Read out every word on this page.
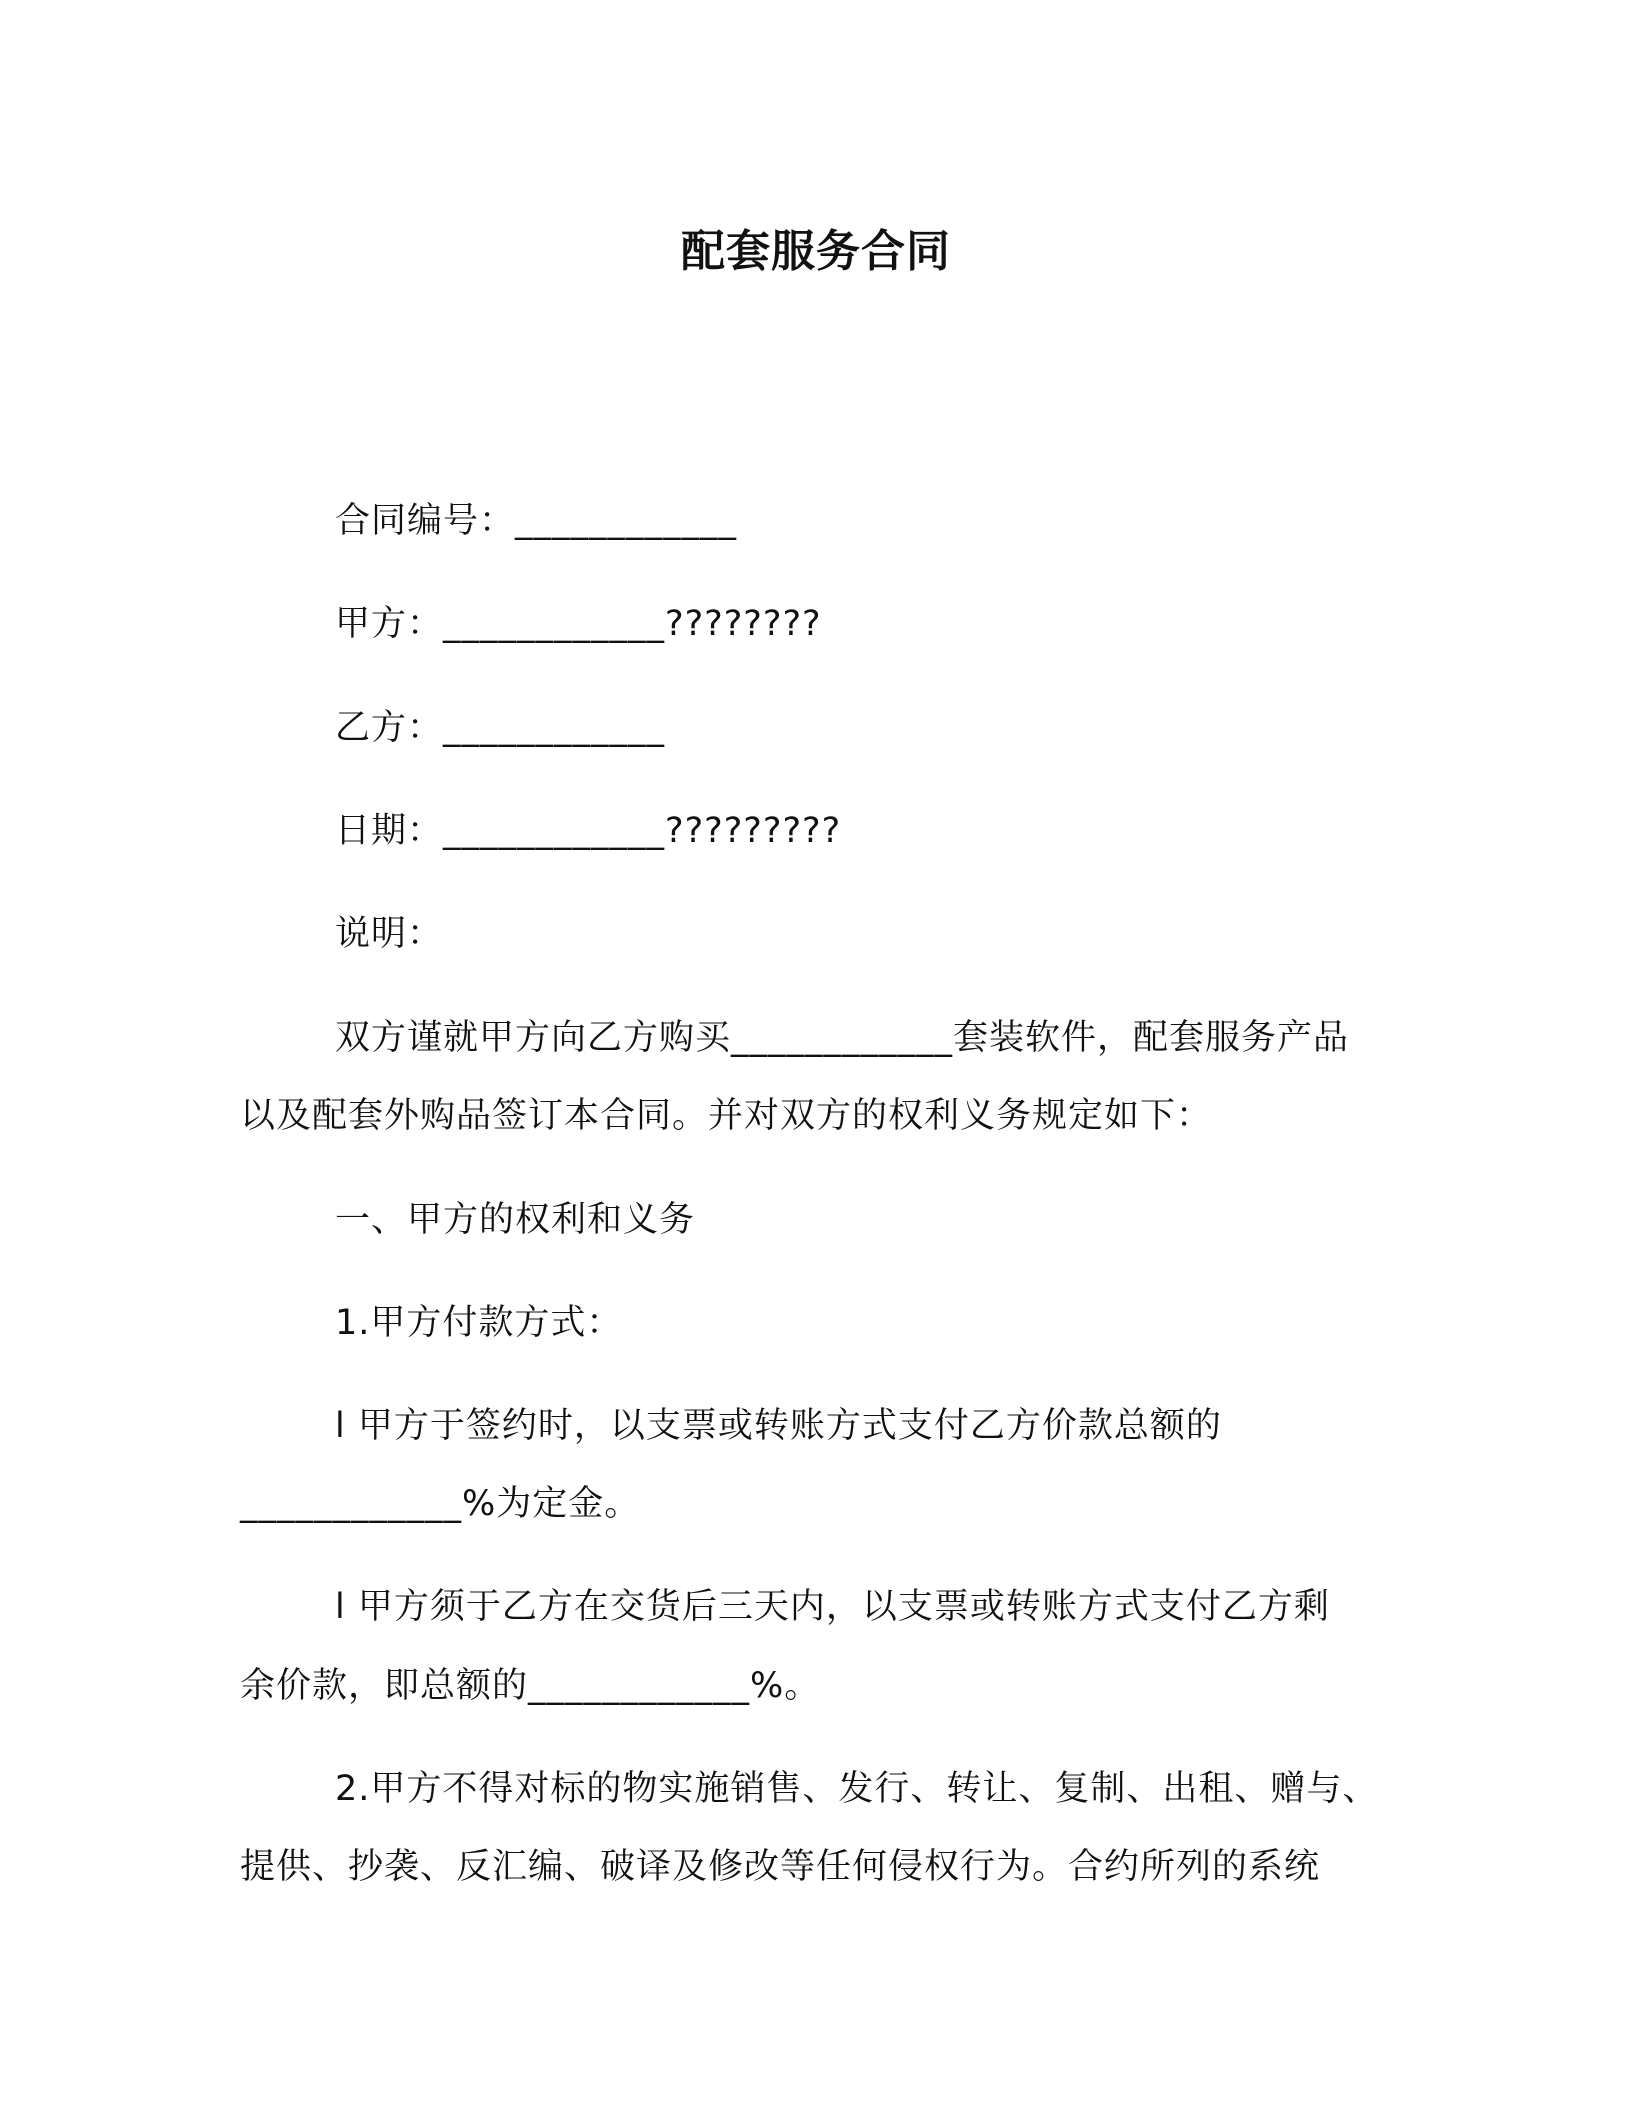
配套服务合同
合同编号：____________
甲方：____________????????
乙方：____________
日期：____________?????????
说明：
双方谨就甲方向乙方购买____________套装软件，配套服务产品
以及配套外购品签订本合同。并对双方的权利义务规定如下：
一、甲方的权利和义务
1.甲方付款方式：
l 甲方于签约时，以支票或转账方式支付乙方价款总额的
____________%为定金。
l 甲方须于乙方在交货后三天内，以支票或转账方式支付乙方剩
余价款，即总额的____________%。
2.甲方不得对标的物实施销售、发行、转让、复制、出租、赠与、
提供、抄袭、反汇编、破译及修改等任何侵权行为。合约所列的系统
